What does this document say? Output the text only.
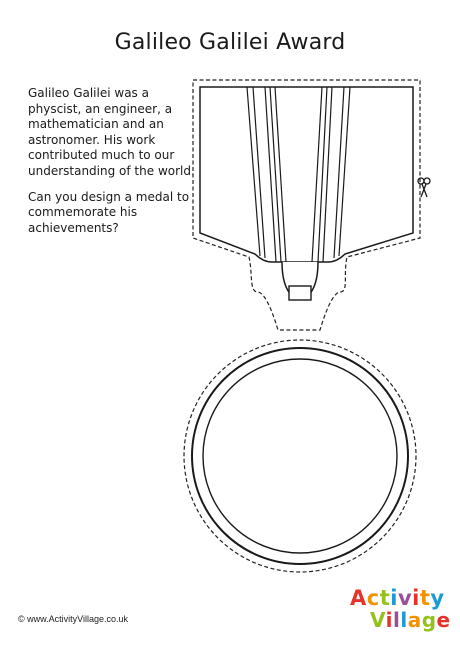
Galileo Galilei Award

Galileo Galilei was a physcist, an engineer, a mathematician and an astronomer. His work contributed much to our understanding of the world.

Can you design a medal to commemorate his achievements?

© www.ActivityVillage.co.uk
Activity
Village
